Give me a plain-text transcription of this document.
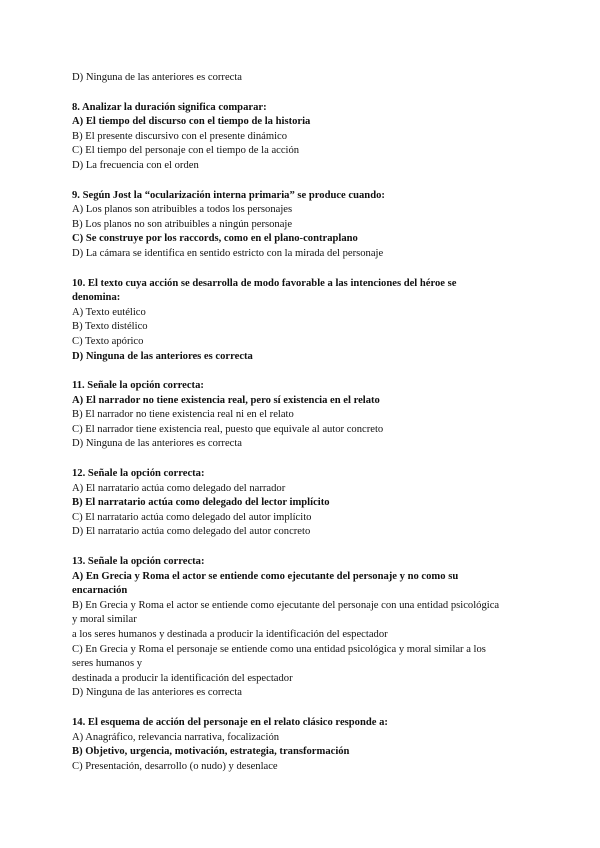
D) Ninguna de las anteriores es correcta
8. Analizar la duración significa comparar:
A) El tiempo del discurso con el tiempo de la historia
B) El presente discursivo con el presente dinámico
C) El tiempo del personaje con el tiempo de la acción
D) La frecuencia con el orden
9. Según Jost la “ocularización interna primaria” se produce cuando:
A) Los planos son atribuibles a todos los personajes
B) Los planos no son atribuibles a ningún personaje
C) Se construye por los raccords, como en el plano-contraplano
D) La cámara se identifica en sentido estricto con la mirada del personaje
10. El texto cuya acción se desarrolla de modo favorable a las intenciones del héroe se
denomina:
A) Texto eutélico
B) Texto distélico
C) Texto apórico
D) Ninguna de las anteriores es correcta
11. Señale la opción correcta:
A) El narrador no tiene existencia real, pero sí existencia en el relato
B) El narrador no tiene existencia real ni en el relato
C) El narrador tiene existencia real, puesto que equivale al autor concreto
D) Ninguna de las anteriores es correcta
12. Señale la opción correcta:
A) El narratario actúa como delegado del narrador
B) El narratario actúa como delegado del lector implícito
C) El narratario actúa como delegado del autor implícito
D) El narratario actúa como delegado del autor concreto
13. Señale la opción correcta:
A) En Grecia y Roma el actor se entiende como ejecutante del personaje y no como su
encarnación
B) En Grecia y Roma el actor se entiende como ejecutante del personaje con una entidad psicológica
y moral similar
a los seres humanos y destinada a producir la identificación del espectador
C) En Grecia y Roma el personaje se entiende como una entidad psicológica y moral similar a los
seres humanos y
destinada a producir la identificación del espectador
D) Ninguna de las anteriores es correcta
14. El esquema de acción del personaje en el relato clásico responde a:
A) Anagráfico, relevancia narrativa, focalización
B) Objetivo, urgencia, motivación, estrategia, transformación
C) Presentación, desarrollo (o nudo) y desenlace
